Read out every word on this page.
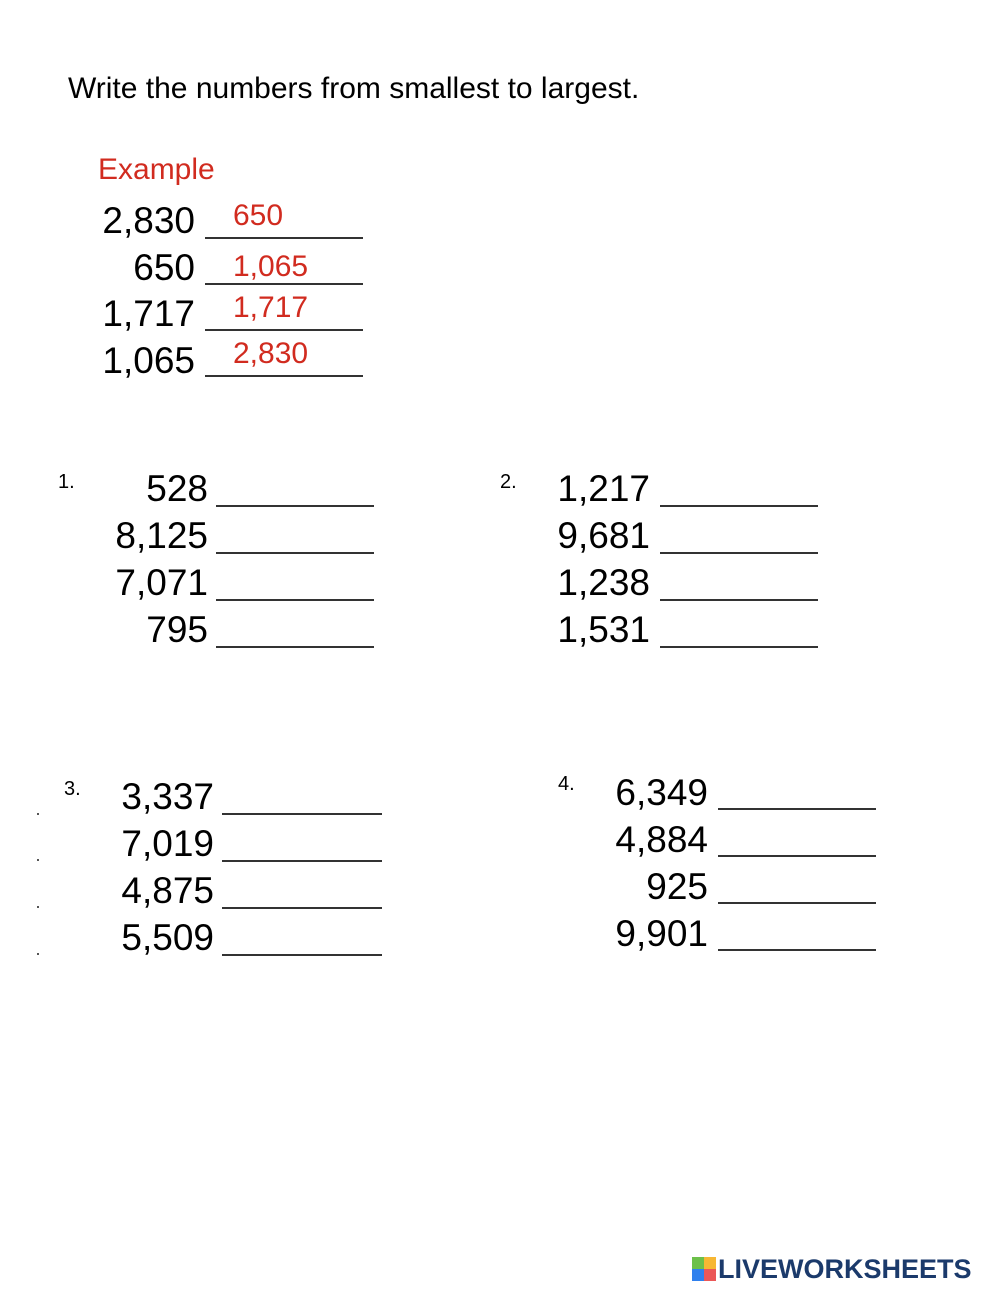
Write the numbers from smallest to largest.
Example
2,830 650
650 1,065
1,717 1,717
1,065 2,830
1.	528
8,125
7,071
795
2.	1,217
9,681
1,238
1,531
3.	3,337
7,019
4,875
5,509
4.	6,349
4,884
925
9,901
LIVEWORKSHEETS
